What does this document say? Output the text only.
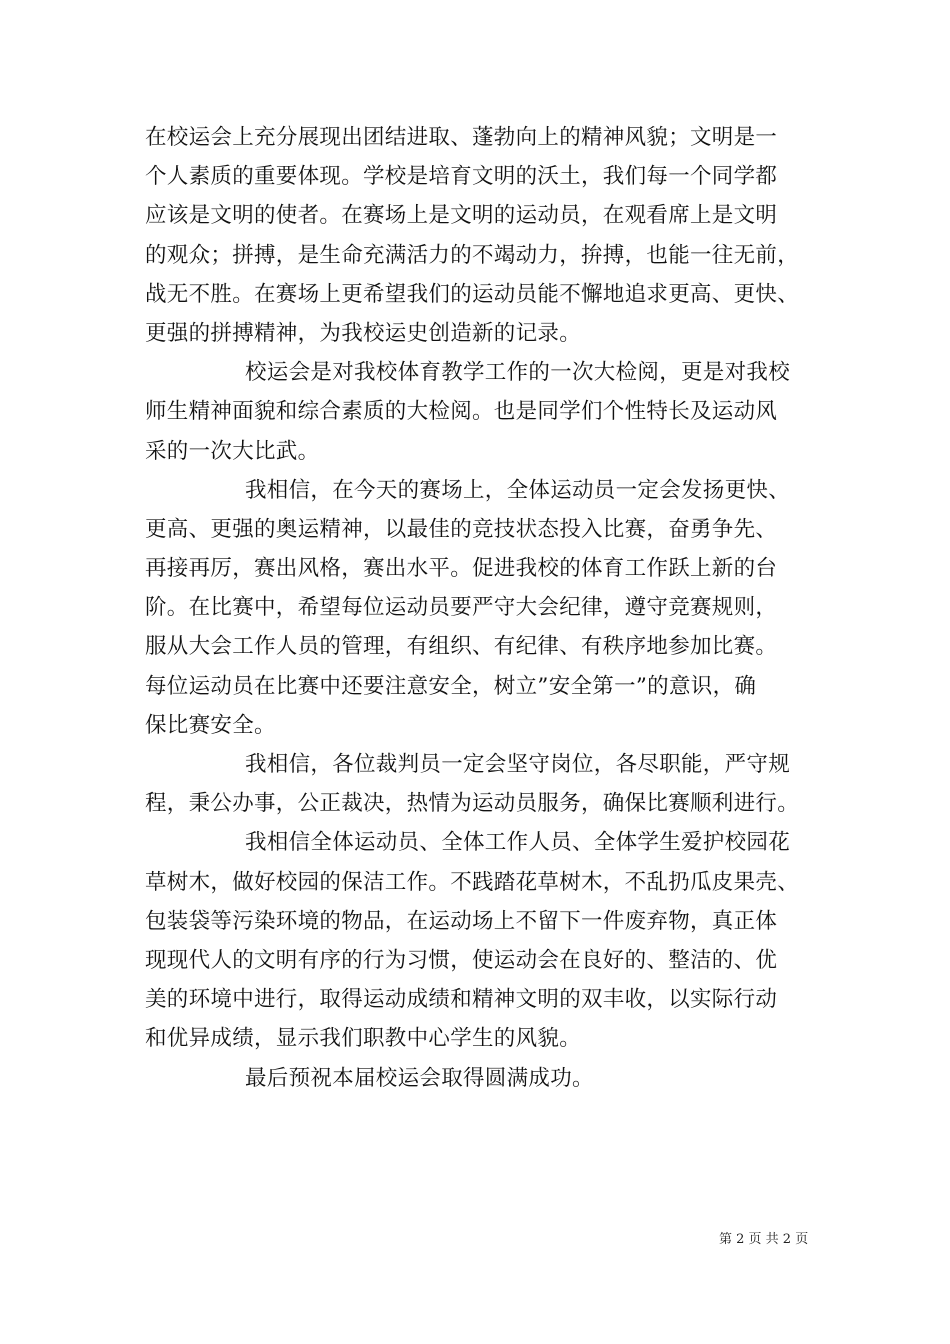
在校运会上充分展现出团结进取、蓬勃向上的精神风貌；文明是一
个人素质的重要体现。学校是培育文明的沃土，我们每一个同学都
应该是文明的使者。在赛场上是文明的运动员，在观看席上是文明
的观众；拼搏，是生命充满活力的不竭动力，拚搏，也能一往无前，
战无不胜。在赛场上更希望我们的运动员能不懈地追求更高、更快、
更强的拼搏精神，为我校运史创造新的记录。
校运会是对我校体育教学工作的一次大检阅，更是对我校
师生精神面貌和综合素质的大检阅。也是同学们个性特长及运动风
采的一次大比武。
我相信，在今天的赛场上，全体运动员一定会发扬更快、
更高、更强的奥运精神，以最佳的竞技状态投入比赛，奋勇争先、
再接再厉，赛出风格，赛出水平。促进我校的体育工作跃上新的台
阶。在比赛中，希望每位运动员要严守大会纪律，遵守竞赛规则，
服从大会工作人员的管理，有组织、有纪律、有秩序地参加比赛。
每位运动员在比赛中还要注意安全，树立”安全第一”的意识，确
保比赛安全。
我相信，各位裁判员一定会坚守岗位，各尽职能，严守规
程，秉公办事，公正裁决，热情为运动员服务，确保比赛顺利进行。
我相信全体运动员、全体工作人员、全体学生爱护校园花
草树木，做好校园的保洁工作。不践踏花草树木，不乱扔瓜皮果壳、
包装袋等污染环境的物品，在运动场上不留下一件废弃物，真正体
现现代人的文明有序的行为习惯，使运动会在良好的、整洁的、优
美的环境中进行，取得运动成绩和精神文明的双丰收，以实际行动
和优异成绩，显示我们职教中心学生的风貌。
最后预祝本届校运会取得圆满成功。
第 2 页 共 2 页
